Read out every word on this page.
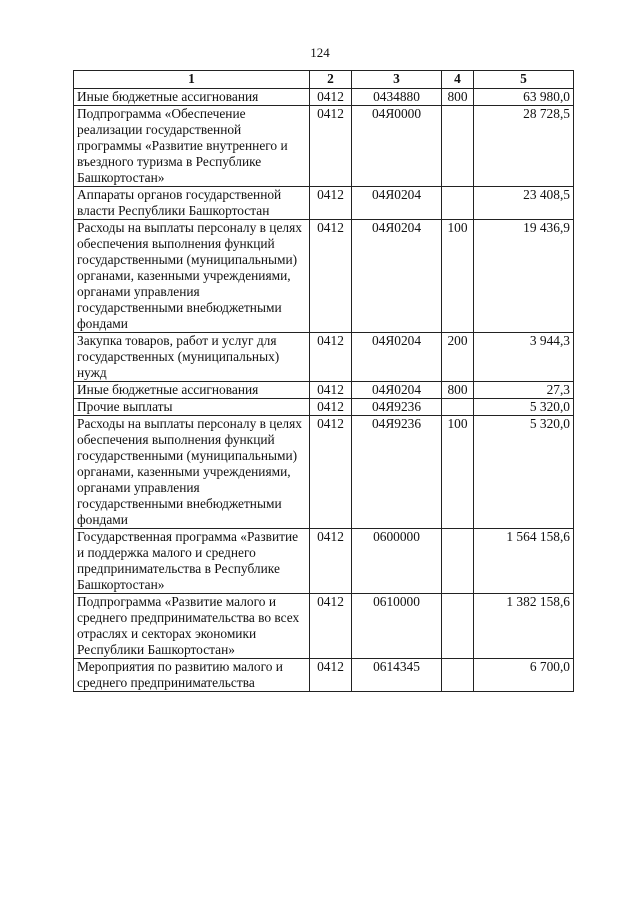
124
1	2	3	4	5
Иные бюджетные ассигнования	0412	0434880	800	63 980,0
Подпрограмма «Обеспечение реализации государственной программы «Развитие внутреннего и въездного туризма в Республике Башкортостан»	0412	04Я0000		28 728,5
Аппараты органов государственной власти Республики Башкортостан	0412	04Я0204		23 408,5
Расходы на выплаты персоналу в целях обеспечения выполнения функций государственными (муниципальными) органами, казенными учреждениями, органами управления государственными внебюджетными фондами	0412	04Я0204	100	19 436,9
Закупка товаров, работ и услуг для государственных (муниципальных) нужд	0412	04Я0204	200	3 944,3
Иные бюджетные ассигнования	0412	04Я0204	800	27,3
Прочие выплаты	0412	04Я9236		5 320,0
Расходы на выплаты персоналу в целях обеспечения выполнения функций государственными (муниципальными) органами, казенными учреждениями, органами управления государственными внебюджетными фондами	0412	04Я9236	100	5 320,0
Государственная программа «Развитие и поддержка малого и среднего предпринимательства в Республике Башкортостан»	0412	0600000		1 564 158,6
Подпрограмма «Развитие малого и среднего предпринимательства во всех отраслях и секторах экономики Республики Башкортостан»	0412	0610000		1 382 158,6
Мероприятия по развитию малого и среднего предпринимательства	0412	0614345		6 700,0
